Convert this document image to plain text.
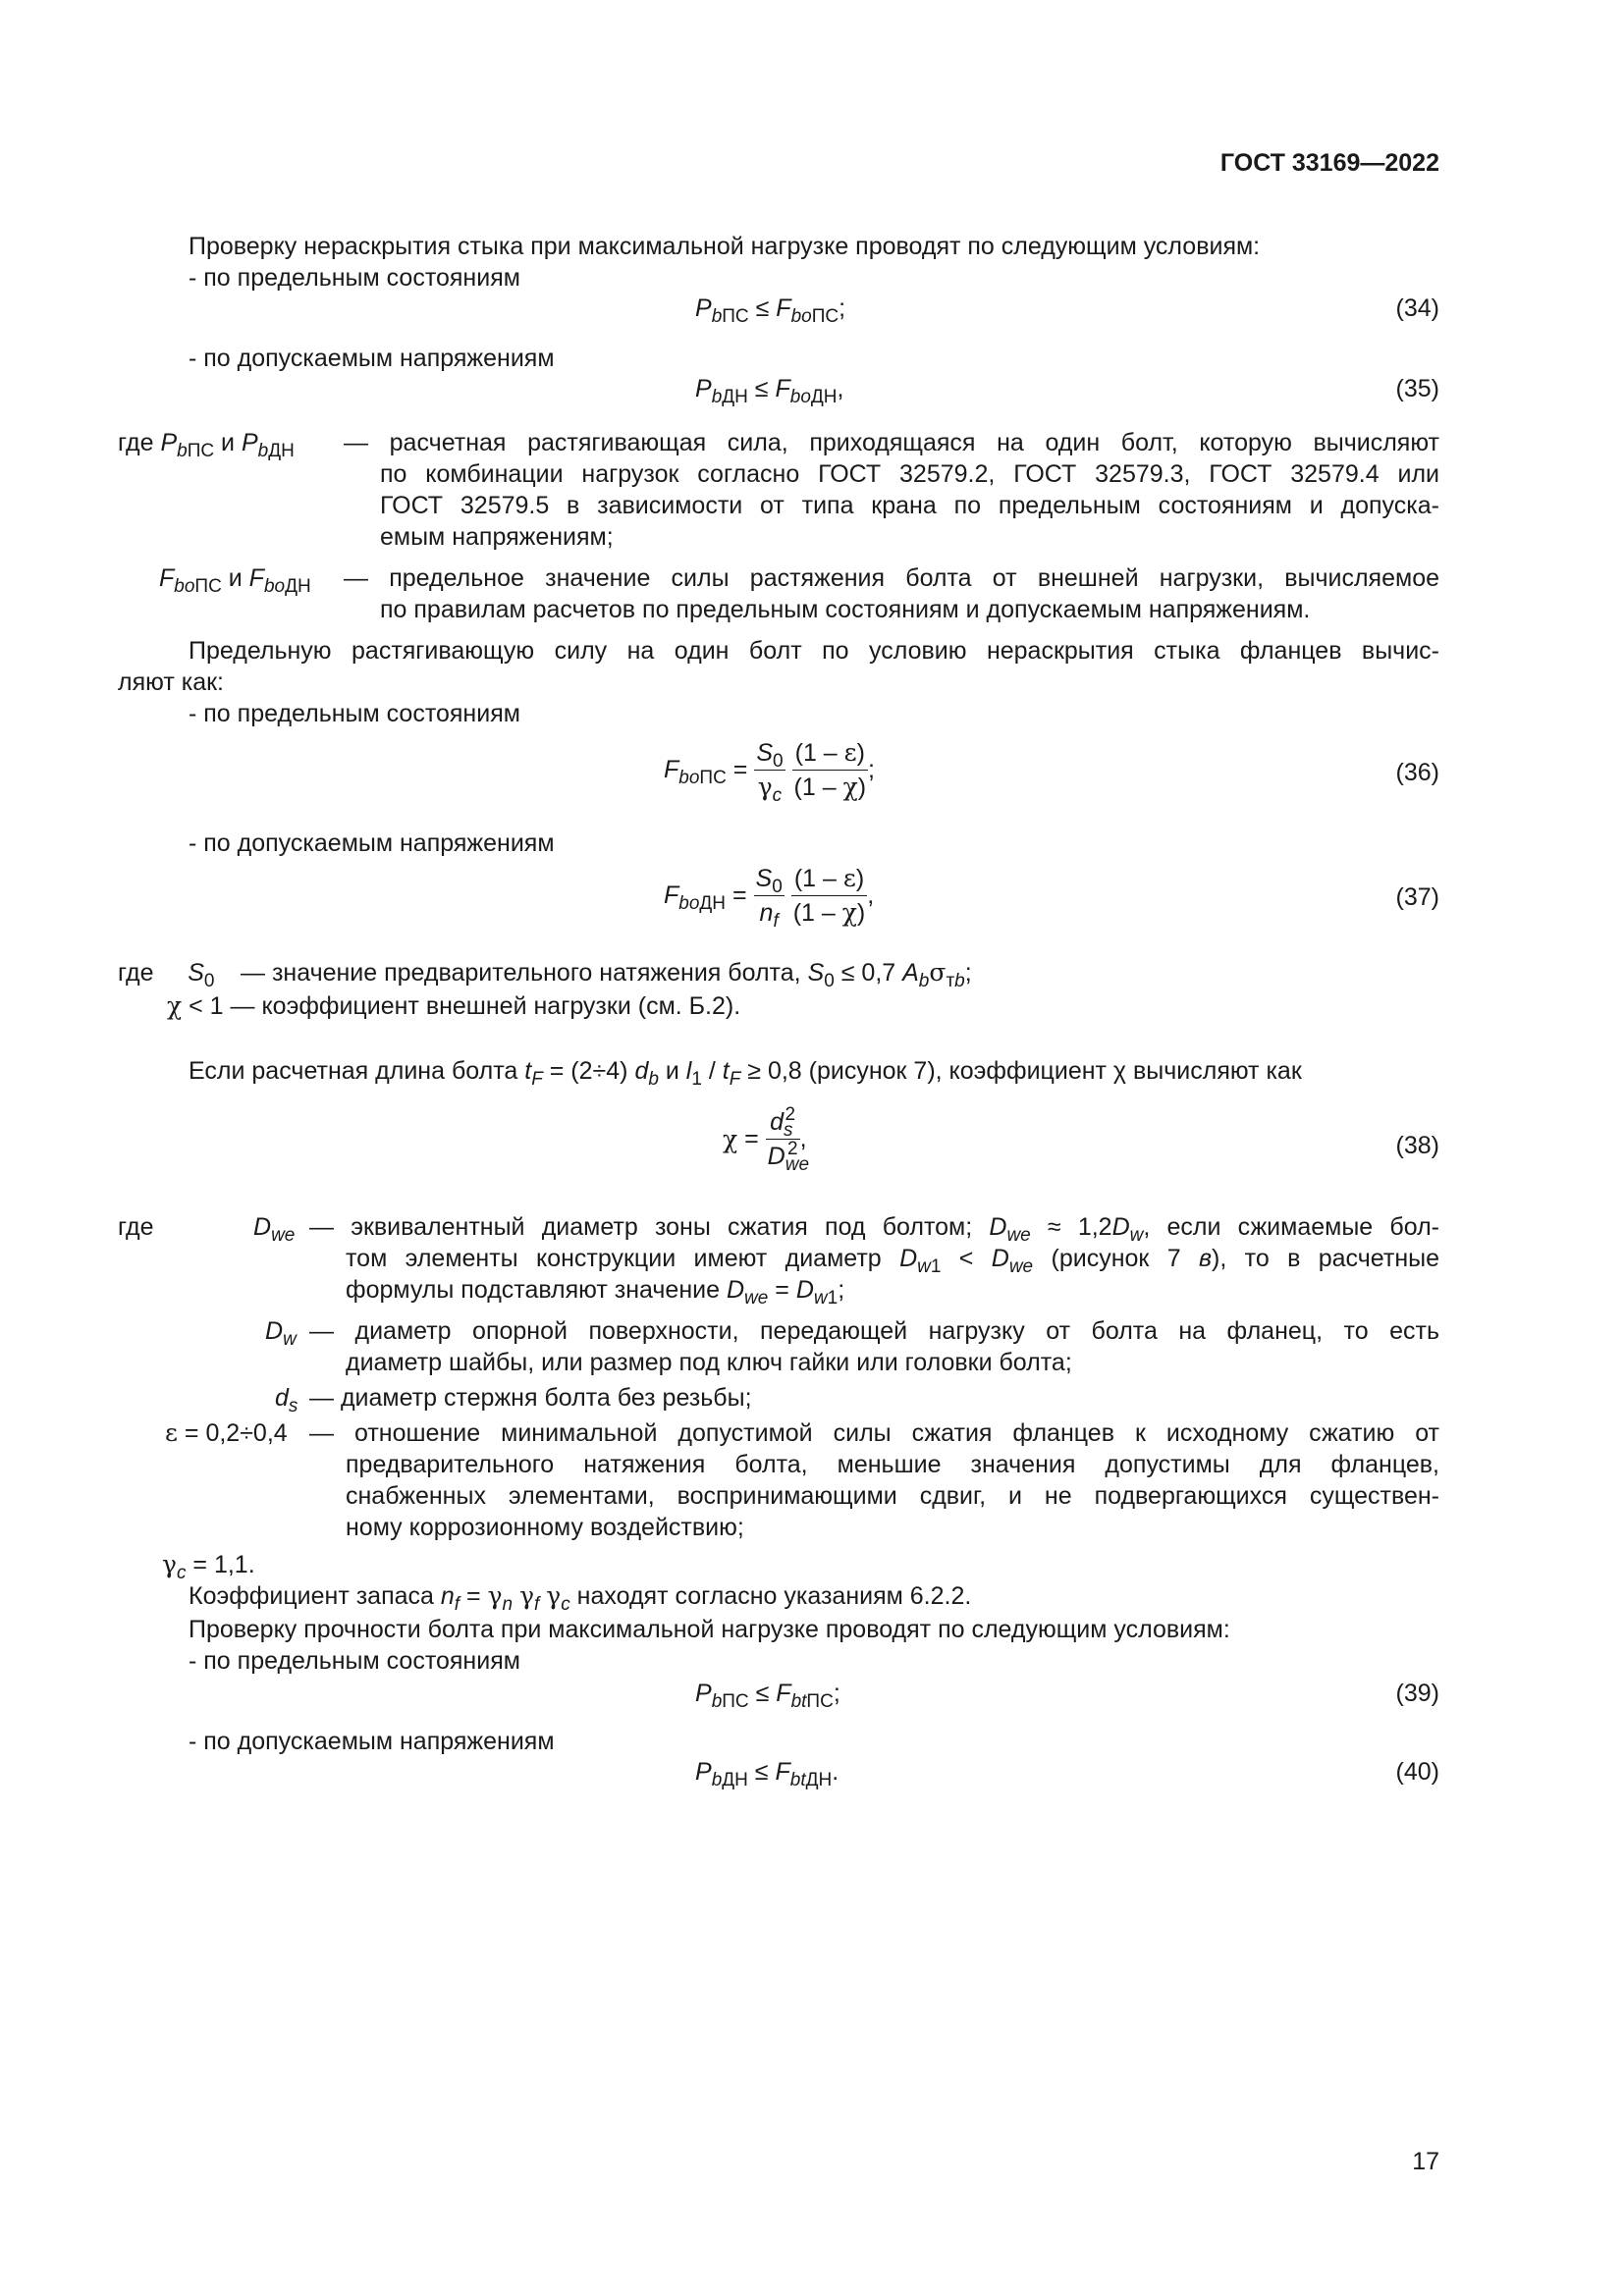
ГОСТ 33169—2022
Проверку нераскрытия стыка при максимальной нагрузке проводят по следующим условиям:
- по предельным состояниям
$P_{bПС} \le F_{boПС}$;	(34)
- по допускаемым напряжениям
$P_{bДН} \le F_{boДН}$,	(35)
где $P_{bПС}$ и $P_{bДН}$ — расчетная растягивающая сила, приходящаяся на один болт, которую вычисляют
по комбинации нагрузок согласно ГОСТ 32579.2, ГОСТ 32579.3, ГОСТ 32579.4 или
ГОСТ 32579.5 в зависимости от типа крана по предельным состояниям и допуска-
емым напряжениям;
$F_{boПС}$ и $F_{boДН}$ — предельное значение силы растяжения болта от внешней нагрузки, вычисляемое
по правилам расчетов по предельным состояниям и допускаемым напряжениям.
Предельную растягивающую силу на один болт по условию нераскрытия стыка фланцев вычис-
ляют как:
- по предельным состояниям
$F_{boПС} = \frac{S_0}{\gamma_c}$
$\frac{(1 - \varepsilon)}{(1 - \chi)}$ ;	(36)
- по допускаемым напряжениям
$F_{boДН} = \frac{S_0}{n_f}$
$\frac{(1 - \varepsilon)}{(1 - \chi)}$ ,	(37)
где $S_0$ — значение предварительного натяжения болта, $S_0 \le 0,7$ $A_b\sigma_{тb}$;
χ < 1 — коэффициент внешней нагрузки (см. Б.2).
Если расчетная длина болта $t_F = (2\div 4)$ $d_b$ и $l_1 / t_F \ge 0,8$ (рисунок 7), коэффициент χ вычисляют как
$\chi = \frac{d_s^2}{D_{we}^2}$ ,	(38)
где	$D_{we}$ — эквивалентный диаметр зоны сжатия под болтом; $D_{we} \approx 1,2D_w$, если сжимаемые бол-
том элементы конструкции имеют диаметр $D_{w1} < D_{we}$ (рисунок 7 в), то в расчетные
формулы подставляют значение $D_{we} = D_{w1}$;
$D_w$ — диаметр опорной поверхности, передающей нагрузку от болта на фланец, то есть
диаметр шайбы, или размер под ключ гайки или головки болта;
$d_s$ — диаметр стержня болта без резьбы;
ε = 0,2÷0,4 — отношение минимальной допустимой силы сжатия фланцев к исходному сжатию от
предварительного натяжения болта, меньшие значения допустимы для фланцев,
снабженных элементами, воспринимающими сдвиг, и не подвергающихся существен-
ному коррозионному воздействию;
$\gamma_c = 1,1$.
Коэффициент запаса $n_f = \gamma_n$ $\gamma_f$ $\gamma_c$ находят согласно указаниям 6.2.2.
Проверку прочности болта при максимальной нагрузке проводят по следующим условиям:
- по предельным состояниям
$P_{bПС} \le F_{btПС}$;	(39)
- по допускаемым напряжениям
$P_{bДН} \le F_{btДН}$.	(40)
17
